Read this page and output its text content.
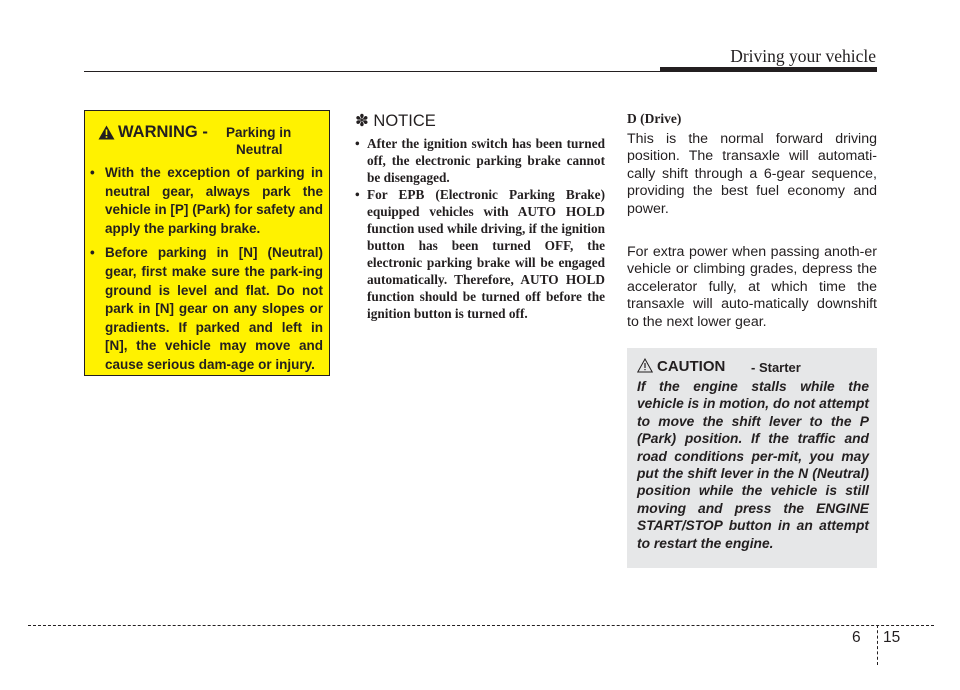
Driving your vehicle
WARNING - Parking in
Neutral
• With the exception of parking in neutral gear, always park the vehicle in [P] (Park) for safety and apply the parking brake.
• Before parking in [N] (Neutral) gear, first make sure the park-ing ground is level and flat. Do not park in [N] gear on any slopes or gradients. If parked and left in [N], the vehicle may move and cause serious dam-age or injury.
✽ NOTICE
• After the ignition switch has been turned off, the electronic parking brake cannot be disengaged.
• For EPB (Electronic Parking Brake) equipped vehicles with AUTO HOLD function used while driving, if the ignition button has been turned OFF, the electronic parking brake will be engaged automatically. Therefore, AUTO HOLD function should be turned off before the ignition button is turned off.
D (Drive)

This is the normal forward driving position. The transaxle will automati-cally shift through a 6-gear sequence, providing the best fuel economy and power.

For extra power when passing anoth-er vehicle or climbing grades, depress the accelerator fully, at which time the transaxle will auto-matically downshift to the next lower gear.

CAUTION - Starter

If the engine stalls while the vehicle is in motion, do not attempt to move the shift lever to the P (Park) position. If the traffic and road conditions per-mit, you may put the shift lever in the N (Neutral) position while the vehicle is still moving and press the ENGINE START/STOP button in an attempt to restart the engine.

6 15
